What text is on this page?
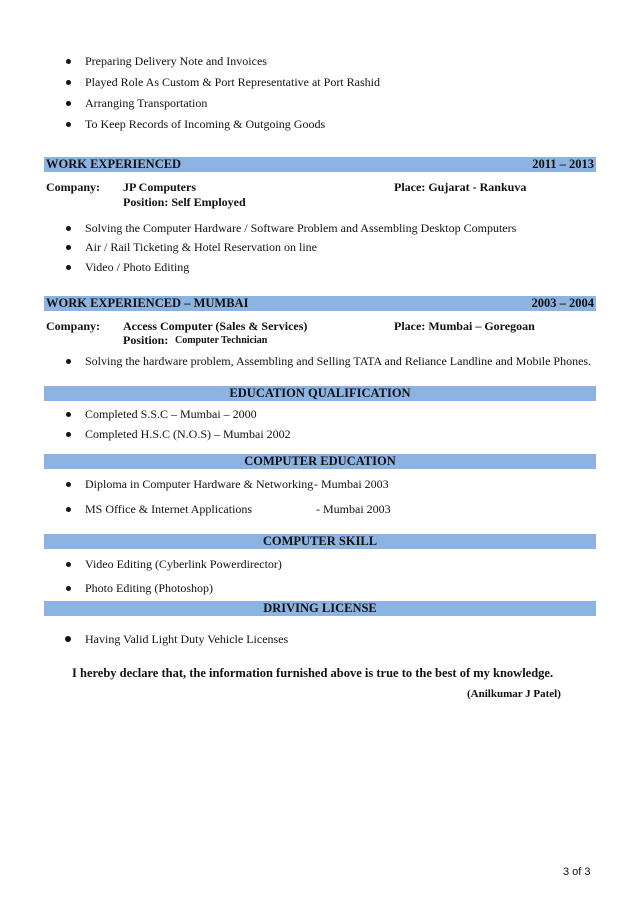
Preparing Delivery Note and Invoices
Played Role As Custom & Port Representative at Port Rashid
Arranging Transportation
To Keep Records of Incoming & Outgoing Goods
WORK EXPERIENCED	2011 – 2013
Company: JP Computers
Position: Self Employed
Place: Gujarat - Rankuva
Solving the Computer Hardware / Software Problem and Assembling Desktop Computers
Air / Rail Ticketing & Hotel Reservation on line
Video / Photo Editing
WORK EXPERIENCED – MUMBAI	2003 – 2004
Company: Access Computer (Sales & Services)
Position: Computer Technician
Place: Mumbai – Goregoan
Solving the hardware problem, Assembling and Selling TATA and Reliance Landline and Mobile Phones.
EDUCATION QUALIFICATION
Completed S.S.C – Mumbai – 2000
Completed H.S.C (N.O.S) – Mumbai 2002
COMPUTER EDUCATION
Diploma in Computer Hardware & Networking - Mumbai 2003
MS Office & Internet Applications	- Mumbai 2003
COMPUTER SKILL
Video Editing (Cyberlink Powerdirector)
Photo Editing (Photoshop)
DRIVING LICENSE
Having Valid Light Duty Vehicle Licenses
I hereby declare that, the information furnished above is true to the best of my knowledge.
(Anilkumar J Patel)
3 of 3
